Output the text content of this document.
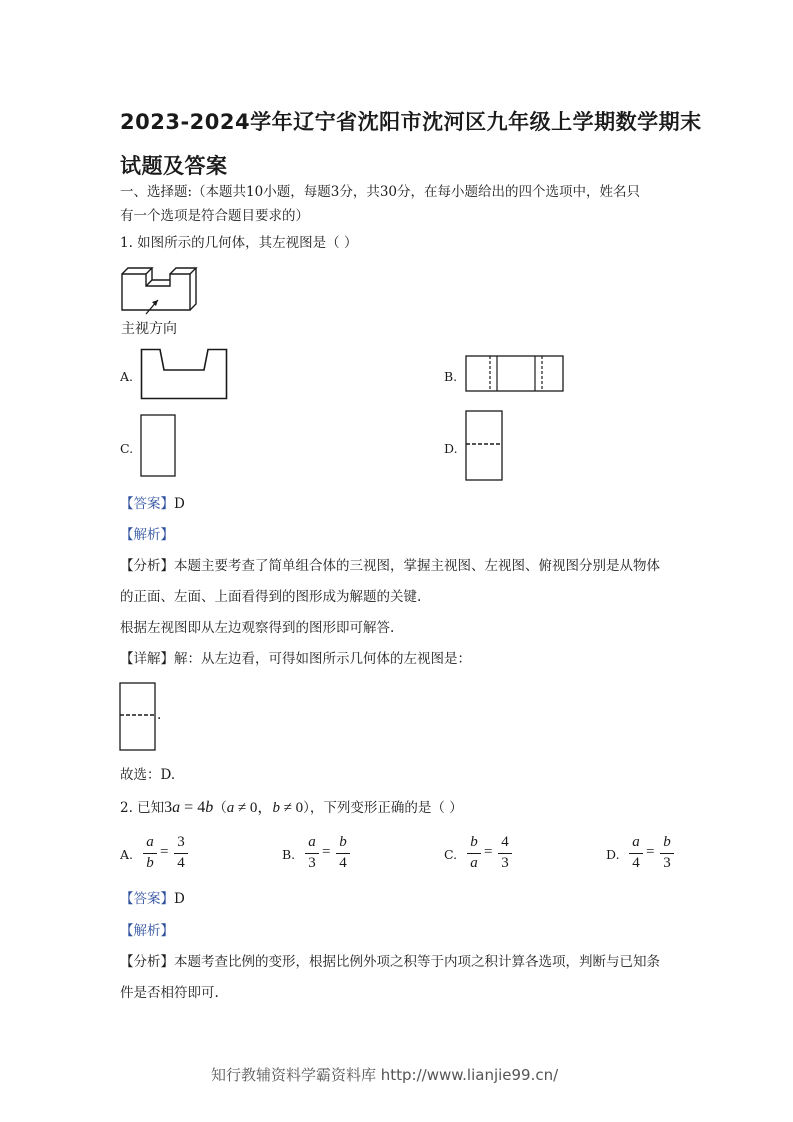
2023-2024学年辽宁省沈阳市沈河区九年级上学期数学期末
试题及答案
一、选择题:（本题共10小题，每题3分，共30分，在每小题给出的四个选项中，姓名只
有一个选项是符合题目要求的）
1. 如图所示的几何体，其左视图是（ ）
主视方向
A.	B.
C.	D.
【答案】D
【解析】
【分析】本题主要考查了简单组合体的三视图，掌握主视图、左视图、俯视图分别是从物体
的正面、左面、上面看得到的图形成为解题的关键.
根据左视图即从左边观察得到的图形即可解答.
【详解】解：从左边看，可得如图所示几何体的左视图是：
.
故选：D.
2. 已知3a = 4b（a ≠ 0，b ≠ 0），下列变形正确的是（ ）
A.
a
b
=
3
4
B.
a
3
=
b
4
C.
b
a
=
4
3
D.
a
4
=
b
3
【答案】D
【解析】
【分析】本题考查比例的变形，根据比例外项之积等于内项之积计算各选项，判断与已知条
件是否相符即可.
知行教辅资料学霸资料库 http://www.lianjie99.cn/
